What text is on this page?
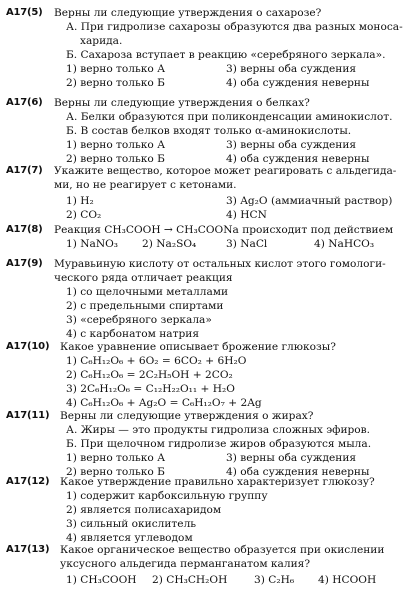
A17(5) Верны ли следующие утверждения о сахарозе?
А. При гидролизе сахарозы образуются два разных моноса-
харида.
Б. Сахароза вступает в реакцию «серебряного зеркала».
1) верно только А	3) верны оба суждения
2) верно только Б	4) оба суждения неверны
A17(6) Верны ли следующие утверждения о белках?
А. Белки образуются при поликонденсации аминокислот.
Б. В состав белков входят только α-аминокислоты.
1) верно только А	3) верны оба суждения
2) верно только Б	4) оба суждения неверны
A17(7) Укажите вещество, которое может реагировать с альдегида-
ми, но не реагирует с кетонами.
1) H₂	3) Ag₂O (аммиачный раствор)
2) CO₂	4) HCN
A17(8) Реакция CH₃COOH → CH₃COONa происходит под действием
1) NaNO₃ 2) Na₂SO₄	3) NaCl	4) NaHCO₃
A17(9) Муравьиную кислоту от остальных кислот этого гомологи-
ческого ряда отличает реакция
1) со щелочными металлами
2) с предельными спиртами
3) «серебряного зеркала»
4) с карбонатом натрия
A17(10) Какое уравнение описывает брожение глюкозы?
1) C₆H₁₂O₆ + 6O₂ = 6CO₂ + 6H₂O
2) C₆H₁₂O₆ = 2C₂H₅OH + 2CO₂
3) 2C₆H₁₂O₆ = C₁₂H₂₂O₁₁ + H₂O
4) C₆H₁₂O₆ + Ag₂O = C₆H₁₂O₇ + 2Ag
A17(11) Верны ли следующие утверждения о жирах?
А. Жиры — это продукты гидролиза сложных эфиров.
Б. При щелочном гидролизе жиров образуются мыла.
1) верно только А	3) верны оба суждения
2) верно только Б	4) оба суждения неверны
A17(12) Какое утверждение правильно характеризует глюкозу?
1) содержит карбоксильную группу
2) является полисахаридом
3) сильный окислитель
4) является углеводом
A17(13) Какое органическое вещество образуется при окислении
уксусного альдегида перманганатом калия?
1) CH₃COOH 2) CH₃CH₂OH	3) C₂H₆ 4) HCOOH
